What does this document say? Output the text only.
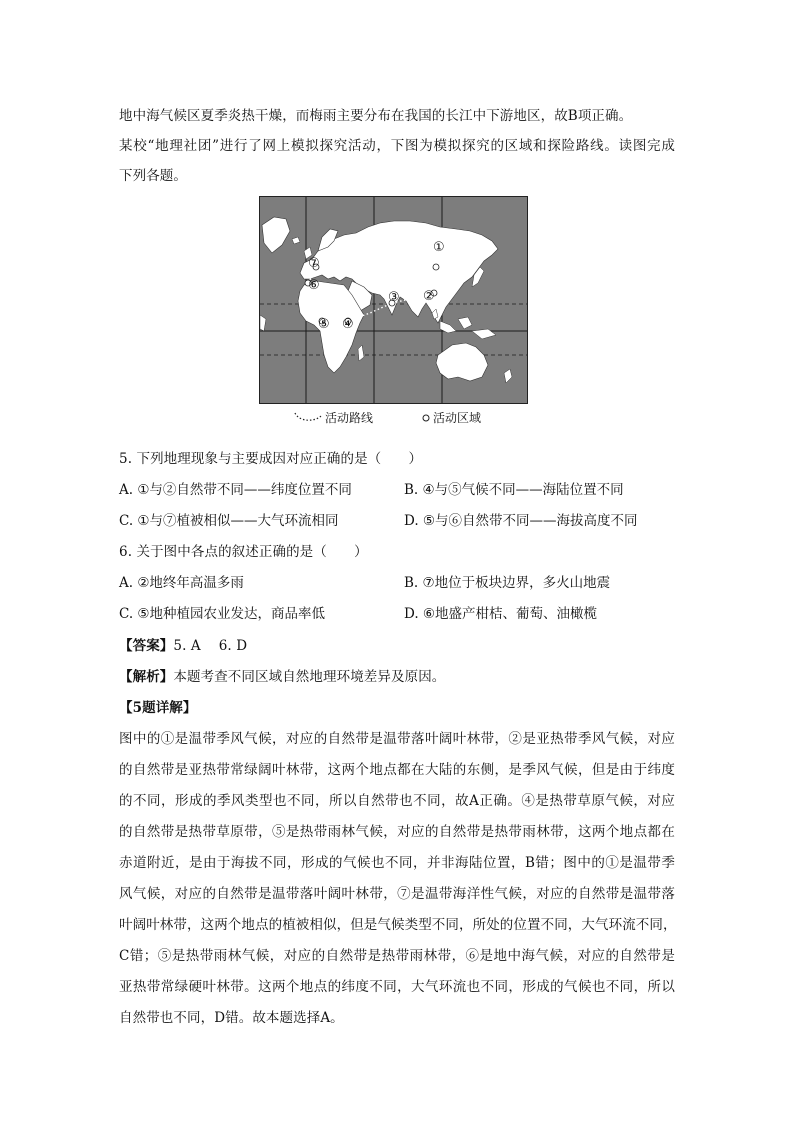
地中海气候区夏季炎热干燥，而梅雨主要分布在我国的长江中下游地区，故B项正确。
某校“地理社团”进行了网上模拟探究活动，下图为模拟探究的区域和探险路线。读图完成
下列各题。
①
②
③
④
⑤
⑥
⑦
活动路线	活动区域
5. 下列地理现象与主要成因对应正确的是（　　）
A. ①与②自然带不同——纬度位置不同	B. ④与⑤气候不同——海陆位置不同
C. ①与⑦植被相似——大气环流相同	D. ⑤与⑥自然带不同——海拔高度不同
6. 关于图中各点的叙述正确的是（　　）
A. ②地终年高温多雨	B. ⑦地位于板块边界，多火山地震
C. ⑤地种植园农业发达，商品率低	D. ⑥地盛产柑桔、葡萄、油橄榄
【答案】5. A　 6. D
【解析】本题考查不同区域自然地理环境差异及原因。
【5题详解】
图中的①是温带季风气候，对应的自然带是温带落叶阔叶林带，②是亚热带季风气候，对应
的自然带是亚热带常绿阔叶林带，这两个地点都在大陆的东侧，是季风气候，但是由于纬度
的不同，形成的季风类型也不同，所以自然带也不同，故A正确。④是热带草原气候，对应
的自然带是热带草原带，⑤是热带雨林气候，对应的自然带是热带雨林带，这两个地点都在
赤道附近，是由于海拔不同，形成的气候也不同，并非海陆位置，B错；图中的①是温带季
风气候，对应的自然带是温带落叶阔叶林带，⑦是温带海洋性气候，对应的自然带是温带落
叶阔叶林带，这两个地点的植被相似，但是气候类型不同，所处的位置不同，大气环流不同，
C错；⑤是热带雨林气候，对应的自然带是热带雨林带，⑥是地中海气候，对应的自然带是
亚热带常绿硬叶林带。这两个地点的纬度不同，大气环流也不同，形成的气候也不同，所以
自然带也不同，D错。故本题选择A。
